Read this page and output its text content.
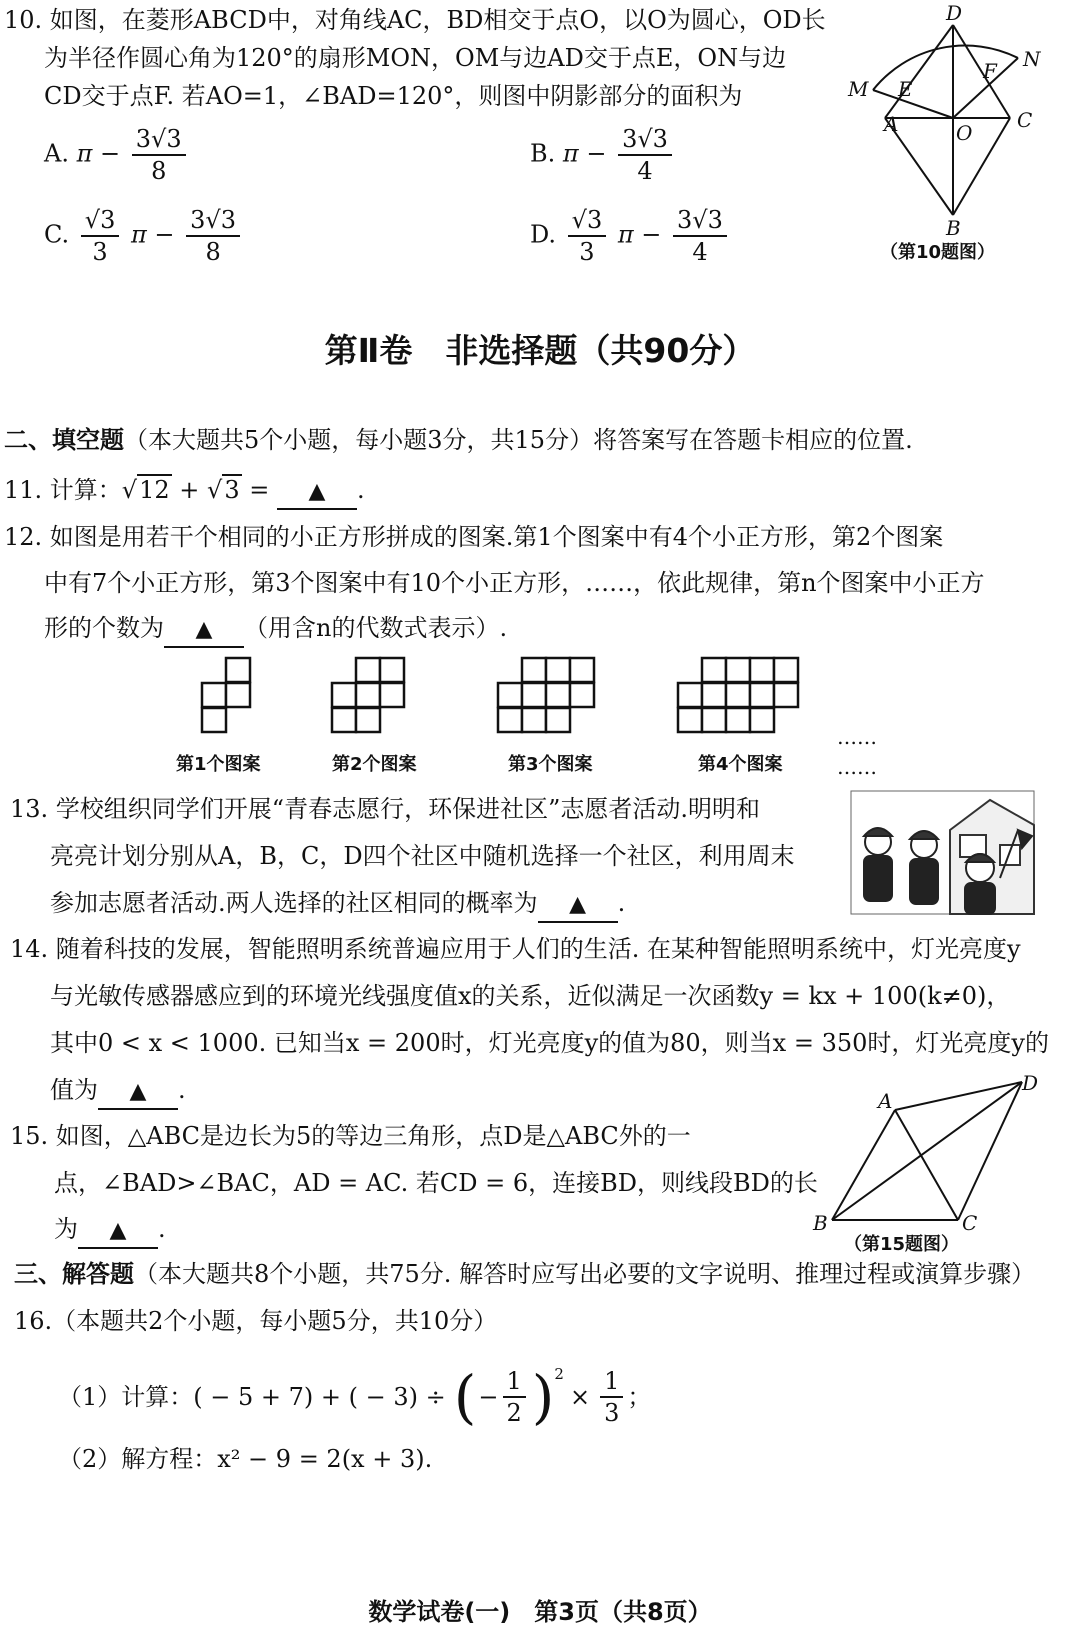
10. 如图，在菱形ABCD中，对角线AC，BD相交于点O，以O为圆心，OD长
为半径作圆心角为120°的扇形MON，OM与边AD交于点E，ON与边
CD交于点F. 若AO=1，∠BAD=120°，则图中阴影部分的面积为
A. $\pi - \frac{3√3}{8}$	B. $\pi - \frac{3√3}{4}$
C. $\frac{√3}{3}$ $\pi - \frac{3√3}{8}$	D. $\frac{√3}{3}$ $\pi - \frac{3√3}{4}$
D
N
M E
F
A	O
C
B
（第10题图）
第Ⅱ卷　非选择题（共90分）
二、填空题（本大题共5个小题，每小题3分，共15分）将答案写在答题卡相应的位置.
11. 计算：√12 + √3 = ▲ .
12. 如图是用若干个相同的小正方形拼成的图案.第1个图案中有4个小正方形，第2个图案
中有7个小正方形，第3个图案中有10个小正方形，……，依此规律，第n个图案中小正方
形的个数为 ▲ （用含n的代数式表示）.
……
第1个图案	第2个图案	第3个图案	第4个图案	……
13. 学校组织同学们开展“青春志愿行，环保进社区”志愿者活动.明明和
亮亮计划分别从A，B，C，D四个社区中随机选择一个社区，利用周末
参加志愿者活动.两人选择的社区相同的概率为 ▲ .
14. 随着科技的发展，智能照明系统普遍应用于人们的生活. 在某种智能照明系统中，灯光亮度y
与光敏传感器感应到的环境光线强度值x的关系，近似满足一次函数y = kx + 100(k≠0)，
其中0 < x < 1000. 已知当x = 200时，灯光亮度y的值为80，则当x = 350时，灯光亮度y的
值为 ▲ .
15. 如图，△ABC是边长为5的等边三角形，点D是△ABC外的一
点，∠BAD>∠BAC，AD = AC. 若CD = 6，连接BD，则线段BD的长
为 ▲ .
A
D
B	C
（第15题图）
三、解答题（本大题共8个小题，共75分. 解答时应写出必要的文字说明、推理过程或演算步骤）
16.（本题共2个小题，每小题5分，共10分）
（1）计算：( − 5 + 7) + ( − 3) ÷ ( − $\frac{1}{2}$ ) 2
× $\frac{1}{3}$ ；
（2）解方程：x² − 9 = 2(x + 3).
数学试卷(一)　第3页（共8页）
